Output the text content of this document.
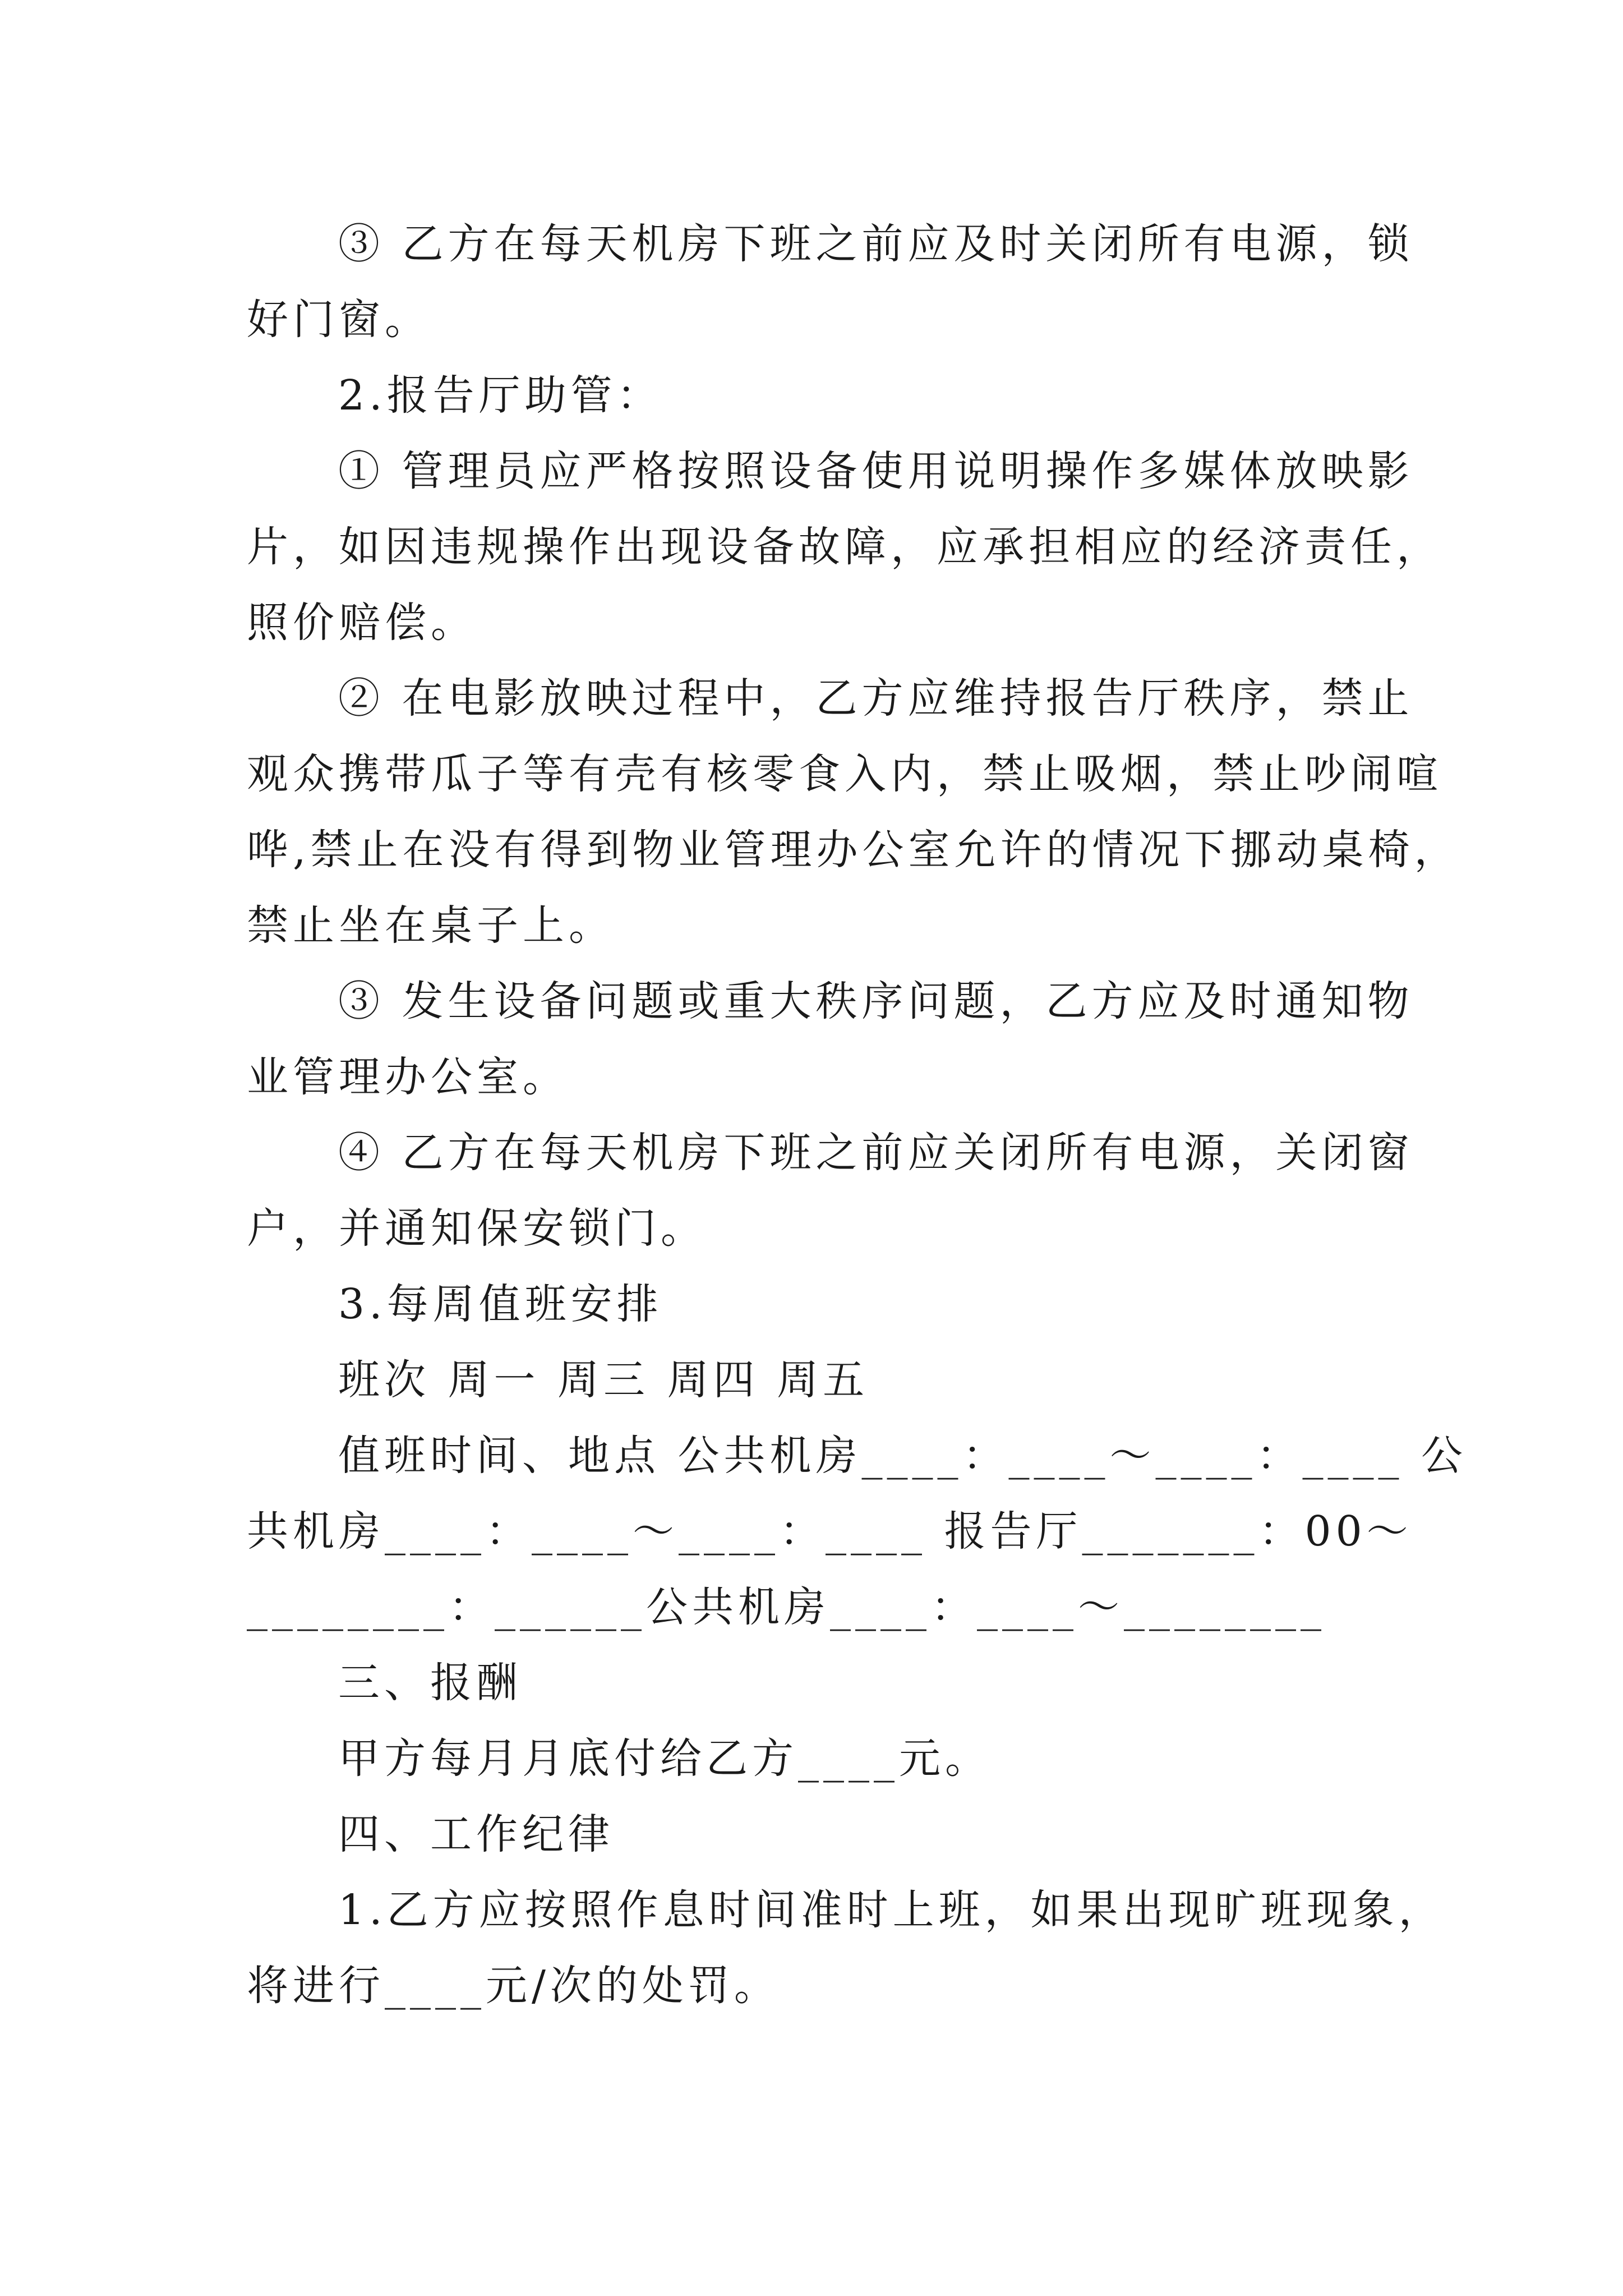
③ 乙方在每天机房下班之前应及时关闭所有电源，锁
好门窗。
2.报告厅助管：
① 管理员应严格按照设备使用说明操作多媒体放映影
片，如因违规操作出现设备故障，应承担相应的经济责任，
照价赔偿。
② 在电影放映过程中，乙方应维持报告厅秩序，禁止
观众携带瓜子等有壳有核零食入内，禁止吸烟，禁止吵闹喧
哗,禁止在没有得到物业管理办公室允许的情况下挪动桌椅，
禁止坐在桌子上。
③ 发生设备问题或重大秩序问题，乙方应及时通知物
业管理办公室。
④ 乙方在每天机房下班之前应关闭所有电源，关闭窗
户，并通知保安锁门。
3.每周值班安排
班次 周一 周三 周四 周五
值班时间、地点 公共机房____：____～____：____ 公
共机房____：____～____：____ 报告厅_______：00～
________：______公共机房____：____～________
三、报酬
甲方每月月底付给乙方____元。
四、工作纪律
1.乙方应按照作息时间准时上班，如果出现旷班现象，
将进行____元/次的处罚。
